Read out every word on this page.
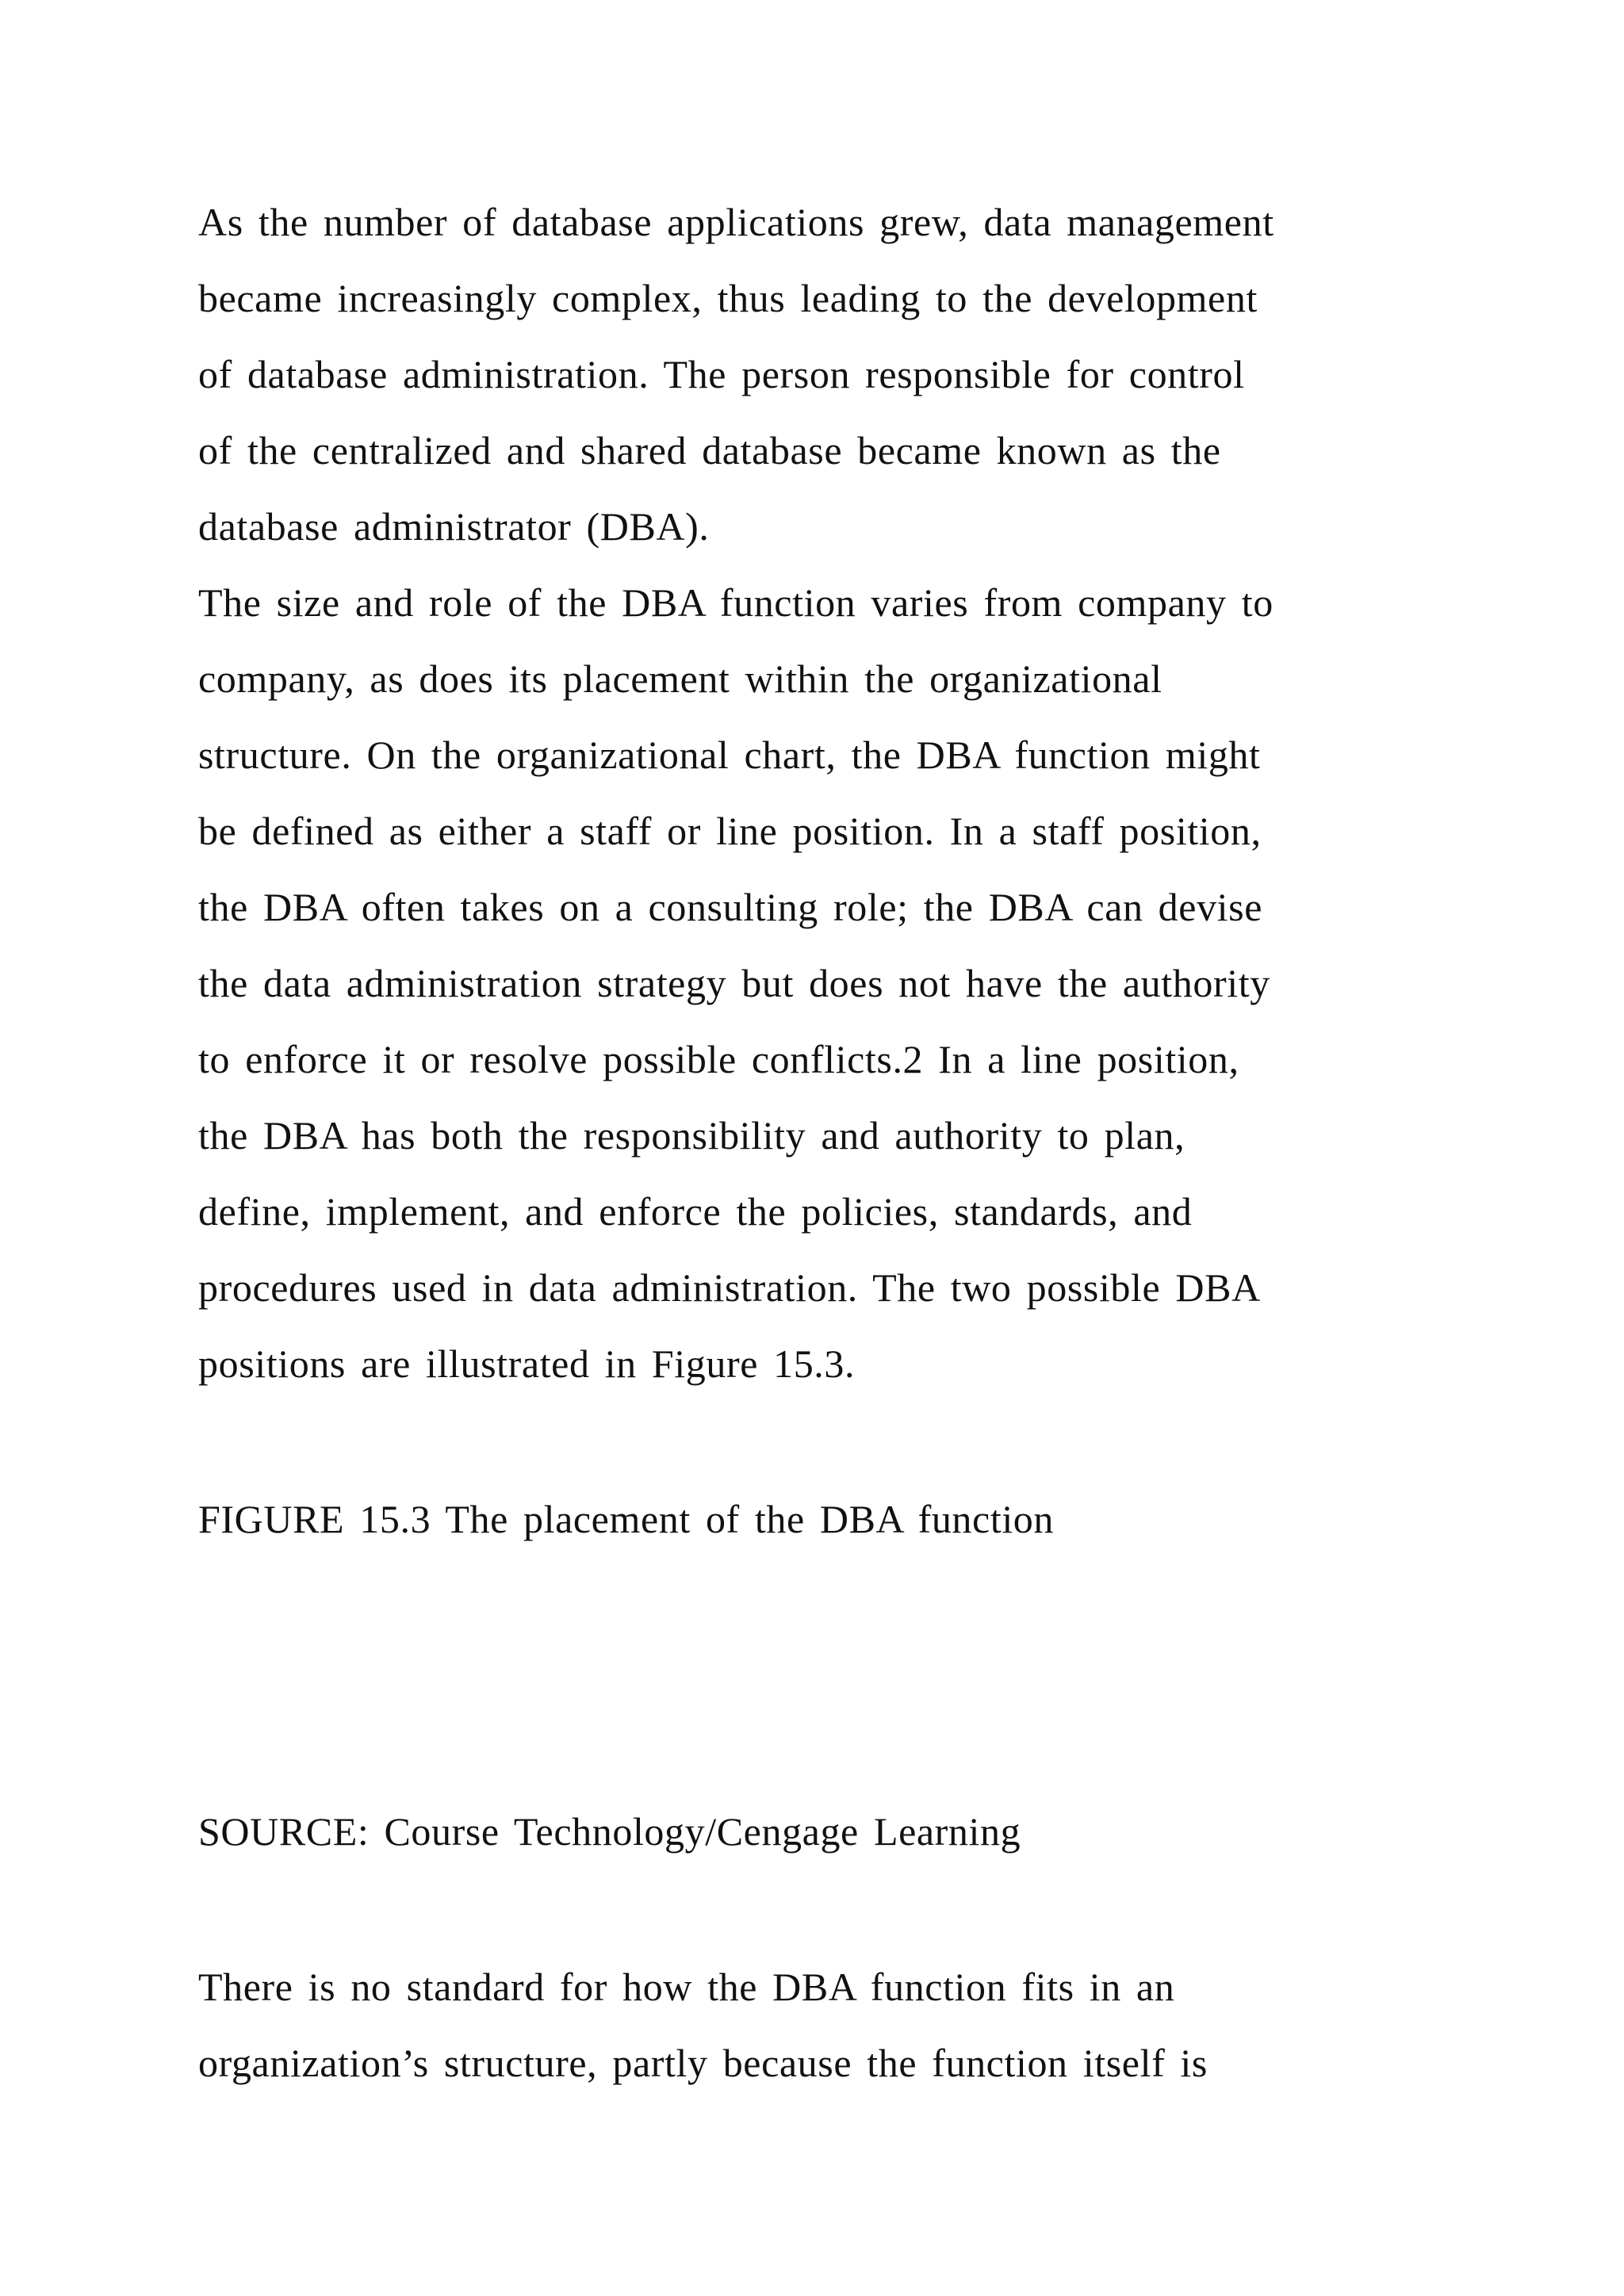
As the number of database applications grew, data management
became increasingly complex, thus leading to the development
of database administration. The person responsible for control
of the centralized and shared database became known as the
database administrator (DBA).
The size and role of the DBA function varies from company to
company, as does its placement within the organizational
structure. On the organizational chart, the DBA function might
be defined as either a staff or line position. In a staff position,
the DBA often takes on a consulting role; the DBA can devise
the data administration strategy but does not have the authority
to enforce it or resolve possible conflicts.2 In a line position,
the DBA has both the responsibility and authority to plan,
define, implement, and enforce the policies, standards, and
procedures used in data administration. The two possible DBA
positions are illustrated in Figure 15.3.
FIGURE 15.3 The placement of the DBA function
SOURCE: Course Technology/Cengage Learning
There is no standard for how the DBA function fits in an
organization’s structure, partly because the function itself is
